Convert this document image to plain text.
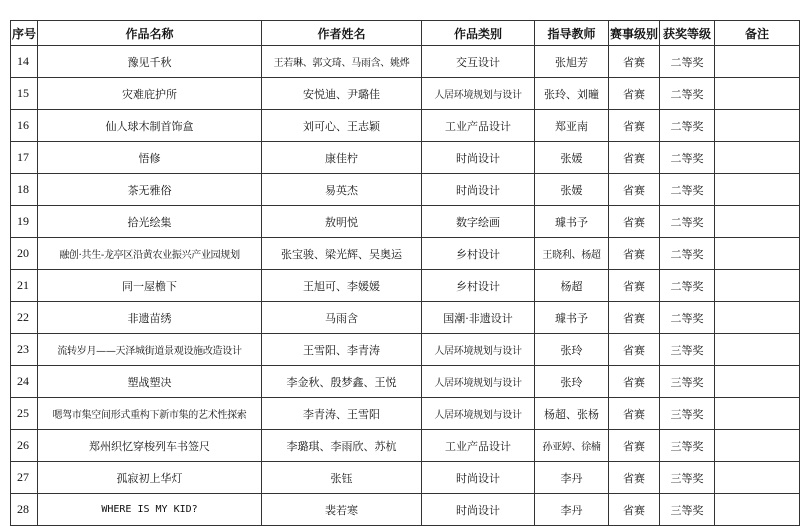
序号	作品名称	作者姓名	作品类别	指导教师	赛事级别	获奖等级	备注
14	豫见千秋	王若琳、郭文琦、马雨含、姚烨	交互设计	张旭芳	省赛	二等奖	
15	灾难庇护所	安悦迪、尹璐佳	人居环境规划与设计	张玲、刘曈	省赛	二等奖	
16	仙人球木制首饰盒	刘可心、王志颖	工业产品设计	郑亚南	省赛	二等奖	
17	悟修	康佳柠	时尚设计	张媛	省赛	二等奖	
18	茶无雅俗	易英杰	时尚设计	张媛	省赛	二等奖	
19	拾光绘集	敖明悦	数字绘画	璩书予	省赛	二等奖	
20	融创·共生-龙亭区沿黄农业振兴产业园规划	张宝骏、梁光辉、吴奥运	乡村设计	王晓利、杨超	省赛	二等奖	
21	同一屋檐下	王旭可、李媛媛	乡村设计	杨超	省赛	二等奖	
22	非遗苗绣	马雨含	国潮·非遗设计	璩书予	省赛	二等奖	
23	流转岁月——天泽城街道景观设施改造设计	王雪阳、李青涛	人居环境规划与设计	张玲	省赛	三等奖	
24	塑战塑决	李金秋、殷梦鑫、王悦	人居环境规划与设计	张玲	省赛	三等奖	
25	嗯驾市集空间形式重构下新市集的艺术性探索	李青涛、王雪阳	人居环境规划与设计	杨超、张杨	省赛	三等奖	
26	郑州织忆穿梭列车书签尺	李璐琪、李雨欣、苏杭	工业产品设计	孙亚婷、徐楠	省赛	三等奖	
27	孤寂初上华灯	张钰	时尚设计	李丹	省赛	三等奖	
28	WHERE IS MY KID?	裴若寒	时尚设计	李丹	省赛	三等奖	
